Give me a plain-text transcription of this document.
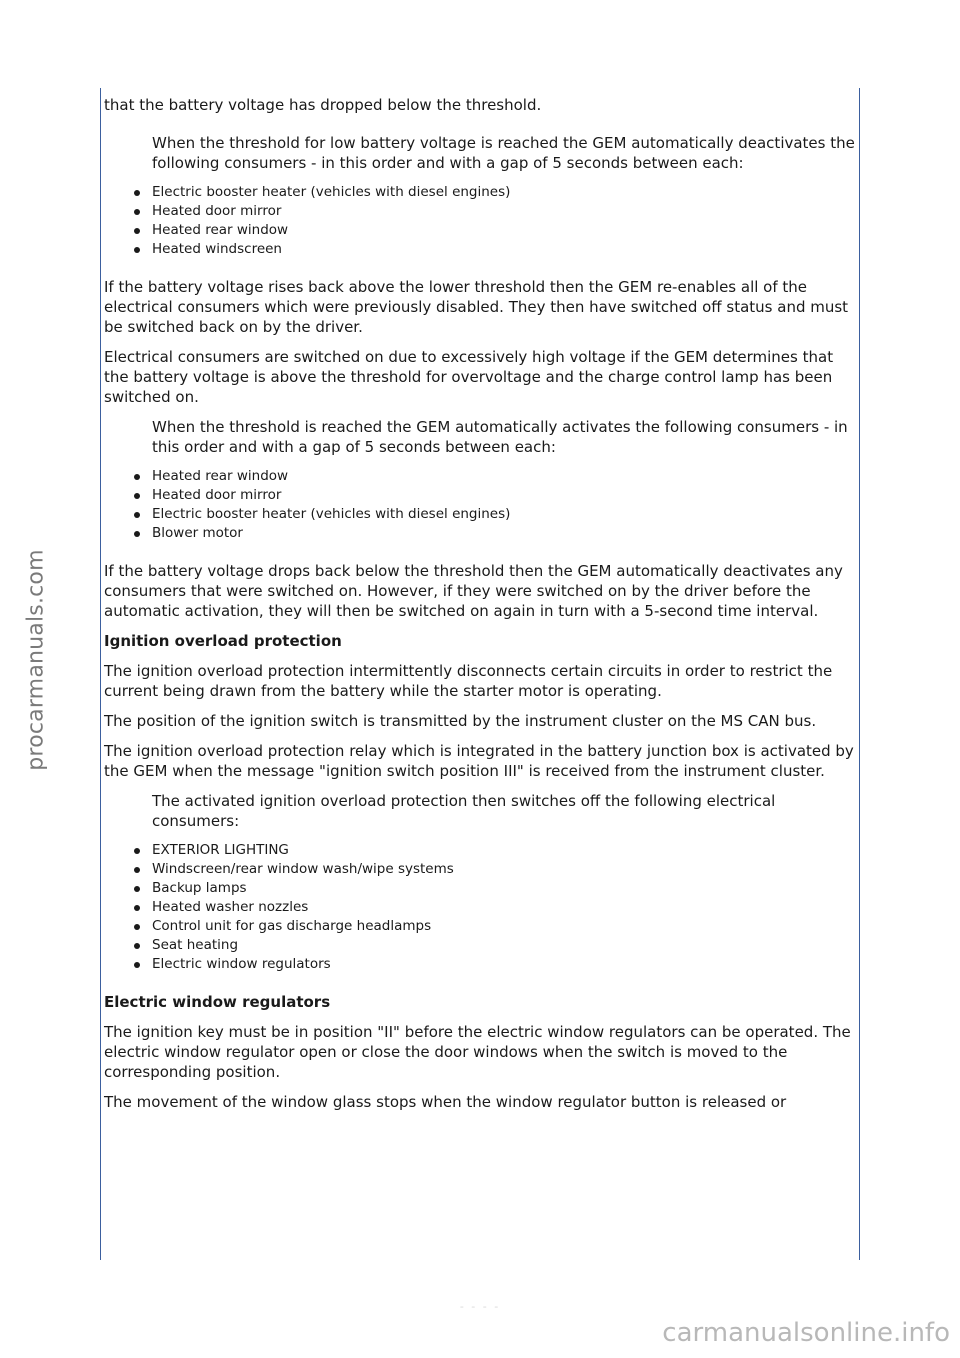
procarmanuals.com
- - - -
carmanualsonline.info

that the battery voltage has dropped below the threshold.

When the threshold for low battery voltage is reached the GEM automatically deactivates the following consumers - in this order and with a gap of 5 seconds between each:

Electric booster heater (vehicles with diesel engines)
Heated door mirror
Heated rear window
Heated windscreen

If the battery voltage rises back above the lower threshold then the GEM re-enables all of the electrical consumers which were previously disabled. They then have switched off status and must be switched back on by the driver.

Electrical consumers are switched on due to excessively high voltage if the GEM determines that the battery voltage is above the threshold for overvoltage and the charge control lamp has been switched on.

When the threshold is reached the GEM automatically activates the following consumers - in this order and with a gap of 5 seconds between each:

Heated rear window
Heated door mirror
Electric booster heater (vehicles with diesel engines)
Blower motor

If the battery voltage drops back below the threshold then the GEM automatically deactivates any consumers that were switched on. However, if they were switched on by the driver before the automatic activation, they will then be switched on again in turn with a 5-second time interval.

Ignition overload protection

The ignition overload protection intermittently disconnects certain circuits in order to restrict the current being drawn from the battery while the starter motor is operating.

The position of the ignition switch is transmitted by the instrument cluster on the MS CAN bus.

The ignition overload protection relay which is integrated in the battery junction box is activated by the GEM when the message "ignition switch position III" is received from the instrument cluster.

The activated ignition overload protection then switches off the following electrical consumers:

EXTERIOR LIGHTING
Windscreen/rear window wash/wipe systems
Backup lamps
Heated washer nozzles
Control unit for gas discharge headlamps
Seat heating
Electric window regulators

Electric window regulators

The ignition key must be in position "II" before the electric window regulators can be operated. The electric window regulator open or close the door windows when the switch is moved to the corresponding position.

The movement of the window glass stops when the window regulator button is released or
